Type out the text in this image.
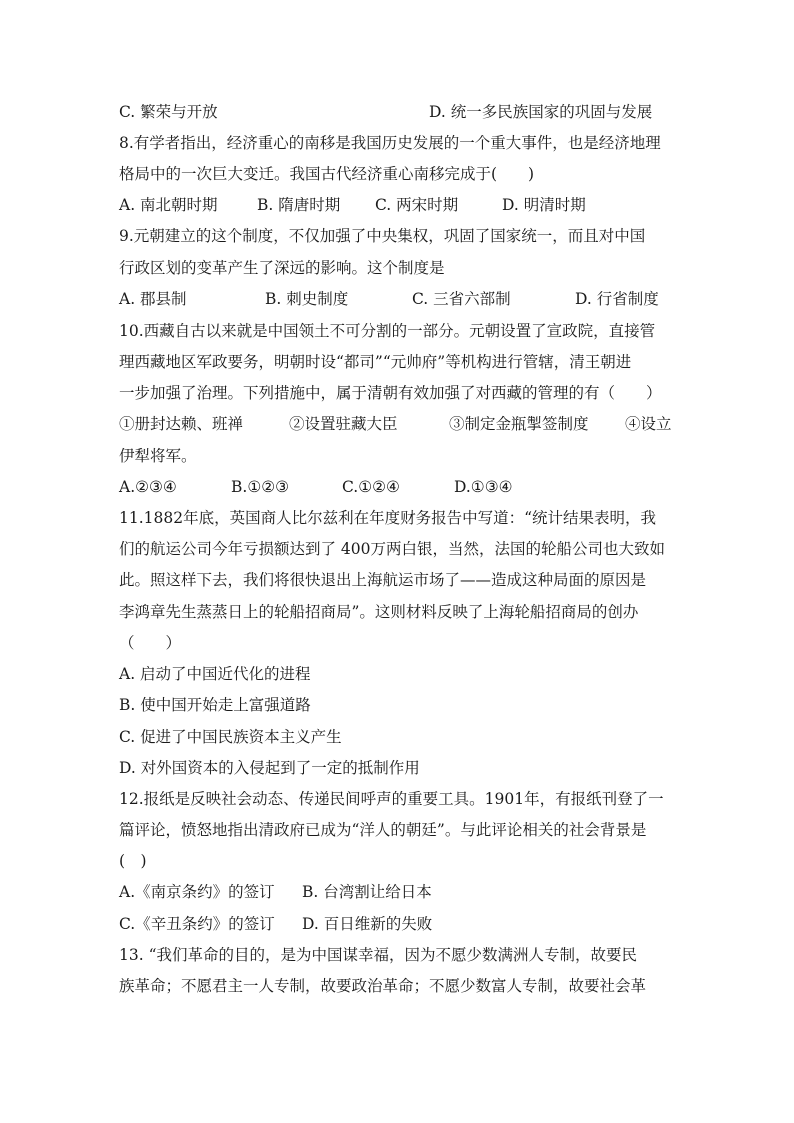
C. 繁荣与开放	D. 统一多民族国家的巩固与发展
8.有学者指出，经济重心的南移是我国历史发展的一个重大事件，也是经济地理
格局中的一次巨大变迁。我国古代经济重心南移完成于(　　)
A. 南北朝时期	B. 隋唐时期 C. 两宋时期	D. 明清时期
9.元朝建立的这个制度，不仅加强了中央集权，巩固了国家统一，而且对中国
行政区划的变革产生了深远的影响。这个制度是
A. 郡县制	B. 刺史制度	C. 三省六部制	D. 行省制度
10.西藏自古以来就是中国领土不可分割的一部分。元朝设置了宣政院，直接管
理西藏地区军政要务，明朝时设“都司”“元帅府”等机构进行管辖，清王朝进
一步加强了治理。下列措施中，属于清朝有效加强了对西藏的管理的有（　　）
①册封达赖、班禅	②设置驻藏大臣	③制定金瓶掣签制度 ④设立
伊犁将军。
A.②③④	B.①②③	C.①②④	D.①③④
11.1882年底，英国商人比尔兹利在年度财务报告中写道：“统计结果表明，我
们的航运公司今年亏损额达到了 400万两白银，当然，法国的轮船公司也大致如
此。照这样下去，我们将很快退出上海航运市场了——造成这种局面的原因是
李鸿章先生蒸蒸日上的轮船招商局”。这则材料反映了上海轮船招商局的创办
（　　）
A. 启动了中国近代化的进程
B. 使中国开始走上富强道路
C. 促进了中国民族资本主义产生
D. 对外国资本的入侵起到了一定的抵制作用
12.报纸是反映社会动态、传递民间呼声的重要工具。1901年，有报纸刊登了一
篇评论，愤怒地指出清政府已成为“洋人的朝廷”。与此评论相关的社会背景是
(　)
A.《南京条约》的签订 B. 台湾割让给日本
C.《辛丑条约》的签订 D. 百日维新的失败
13. “我们革命的目的，是为中国谋幸福，因为不愿少数满洲人专制，故要民
族革命；不愿君主一人专制，故要政治革命；不愿少数富人专制，故要社会革
